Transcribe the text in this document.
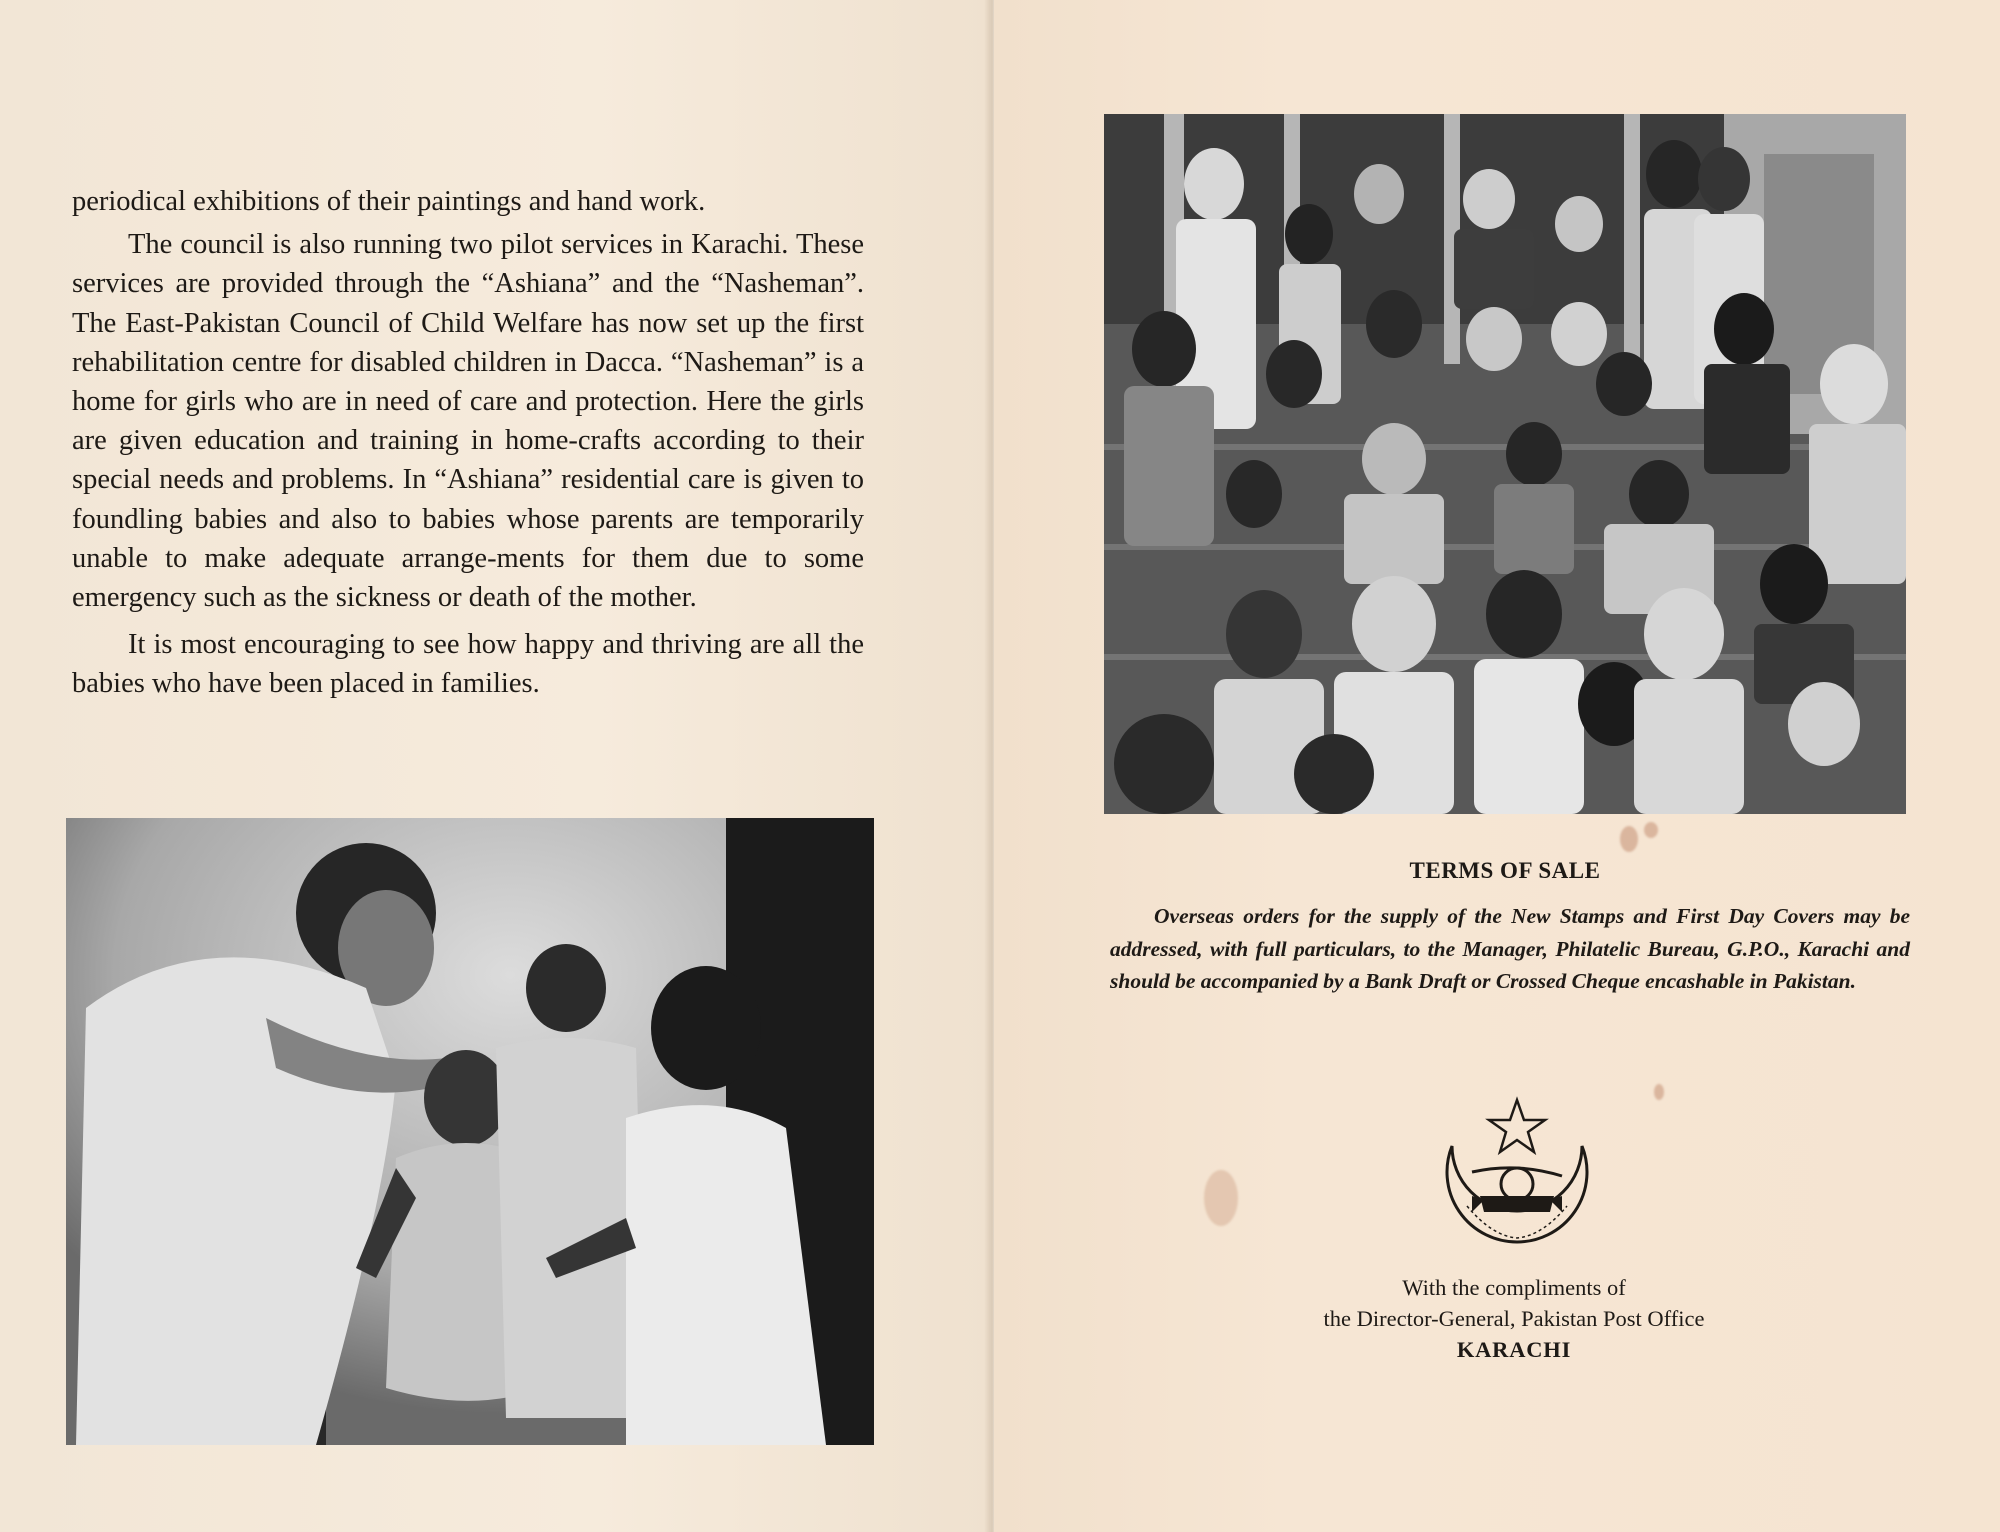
periodical exhibitions of their paintings and hand work.

The council is also running two pilot services in Karachi. These services are provided through the “Ashiana” and the “Nasheman”. The East-Pakistan Council of Child Welfare has now set up the first rehabilitation centre for disabled children in Dacca. “Nasheman” is a home for girls who are in need of care and protection. Here the girls are given education and training in home-crafts according to their special needs and problems. In “Ashiana” residential care is given to foundling babies and also to babies whose parents are temporarily unable to make adequate arrange-ments for them due to some emergency such as the sickness or death of the mother.

It is most encouraging to see how happy and thriving are all the babies who have been placed in families.

TERMS OF SALE
Overseas orders for the supply of the New Stamps and First Day Covers may be addressed, with full particulars, to the Manager, Philatelic Bureau, G.P.O., Karachi and should be accompanied by a Bank Draft or Crossed Cheque encashable in Pakistan.
With the compliments of
the Director-General, Pakistan Post Office
KARACHI
